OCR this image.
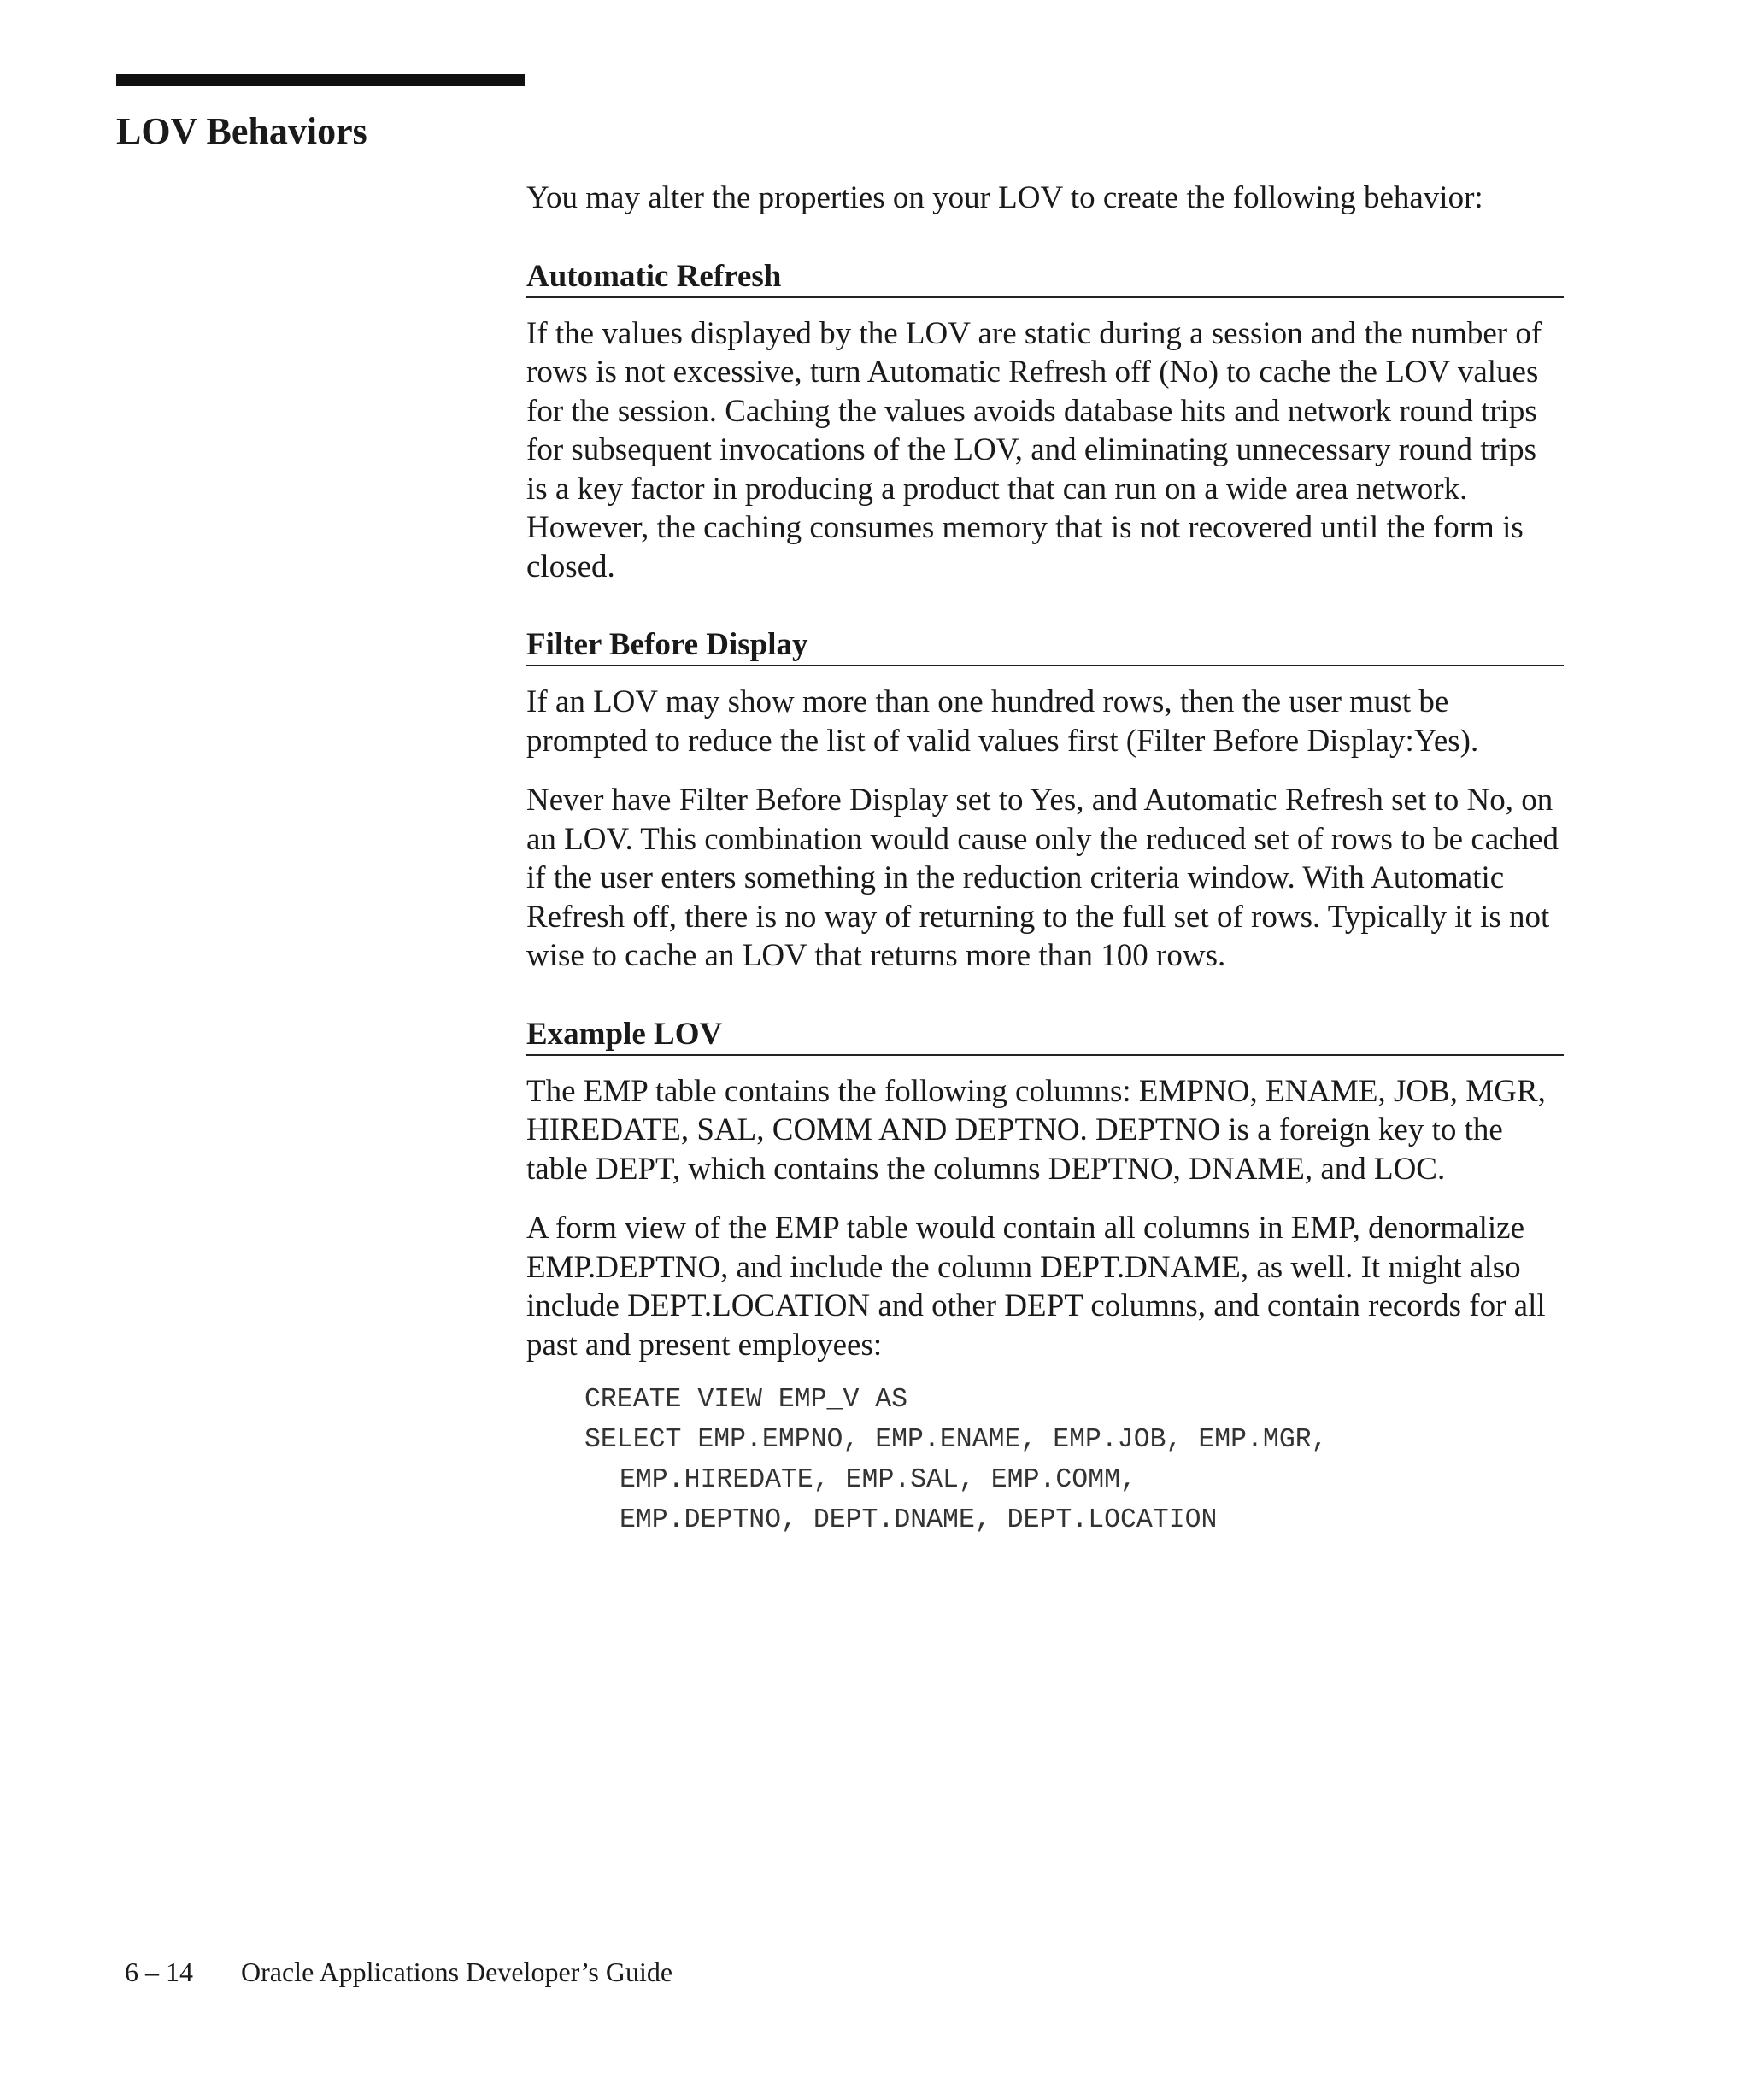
LOV Behaviors

You may alter the properties on your LOV to create the following behavior:

Automatic Refresh

If the values displayed by the LOV are static during a session and the number of rows is not excessive, turn Automatic Refresh off (No) to cache the LOV values for the session. Caching the values avoids database hits and network round trips for subsequent invocations of the LOV, and eliminating unnecessary round trips is a key factor in producing a product that can run on a wide area network. However, the caching consumes memory that is not recovered until the form is closed.

Filter Before Display

If an LOV may show more than one hundred rows, then the user must be prompted to reduce the list of valid values first (Filter Before Display:Yes).

Never have Filter Before Display set to Yes, and Automatic Refresh set to No, on an LOV. This combination would cause only the reduced set of rows to be cached if the user enters something in the reduction criteria window. With Automatic Refresh off, there is no way of returning to the full set of rows. Typically it is not wise to cache an LOV that returns more than 100 rows.

Example LOV

The EMP table contains the following columns: EMPNO, ENAME, JOB, MGR, HIREDATE, SAL, COMM AND DEPTNO. DEPTNO is a foreign key to the table DEPT, which contains the columns DEPTNO, DNAME, and LOC.

A form view of the EMP table would contain all columns in EMP, denormalize EMP.DEPTNO, and include the column DEPT.DNAME, as well. It might also include DEPT.LOCATION and other DEPT columns, and contain records for all past and present employees:

CREATE VIEW EMP_V AS
SELECT EMP.EMPNO, EMP.ENAME, EMP.JOB, EMP.MGR,
EMP.HIREDATE, EMP.SAL, EMP.COMM,
EMP.DEPTNO, DEPT.DNAME, DEPT.LOCATION
6 – 14 Oracle Applications Developer’s Guide
